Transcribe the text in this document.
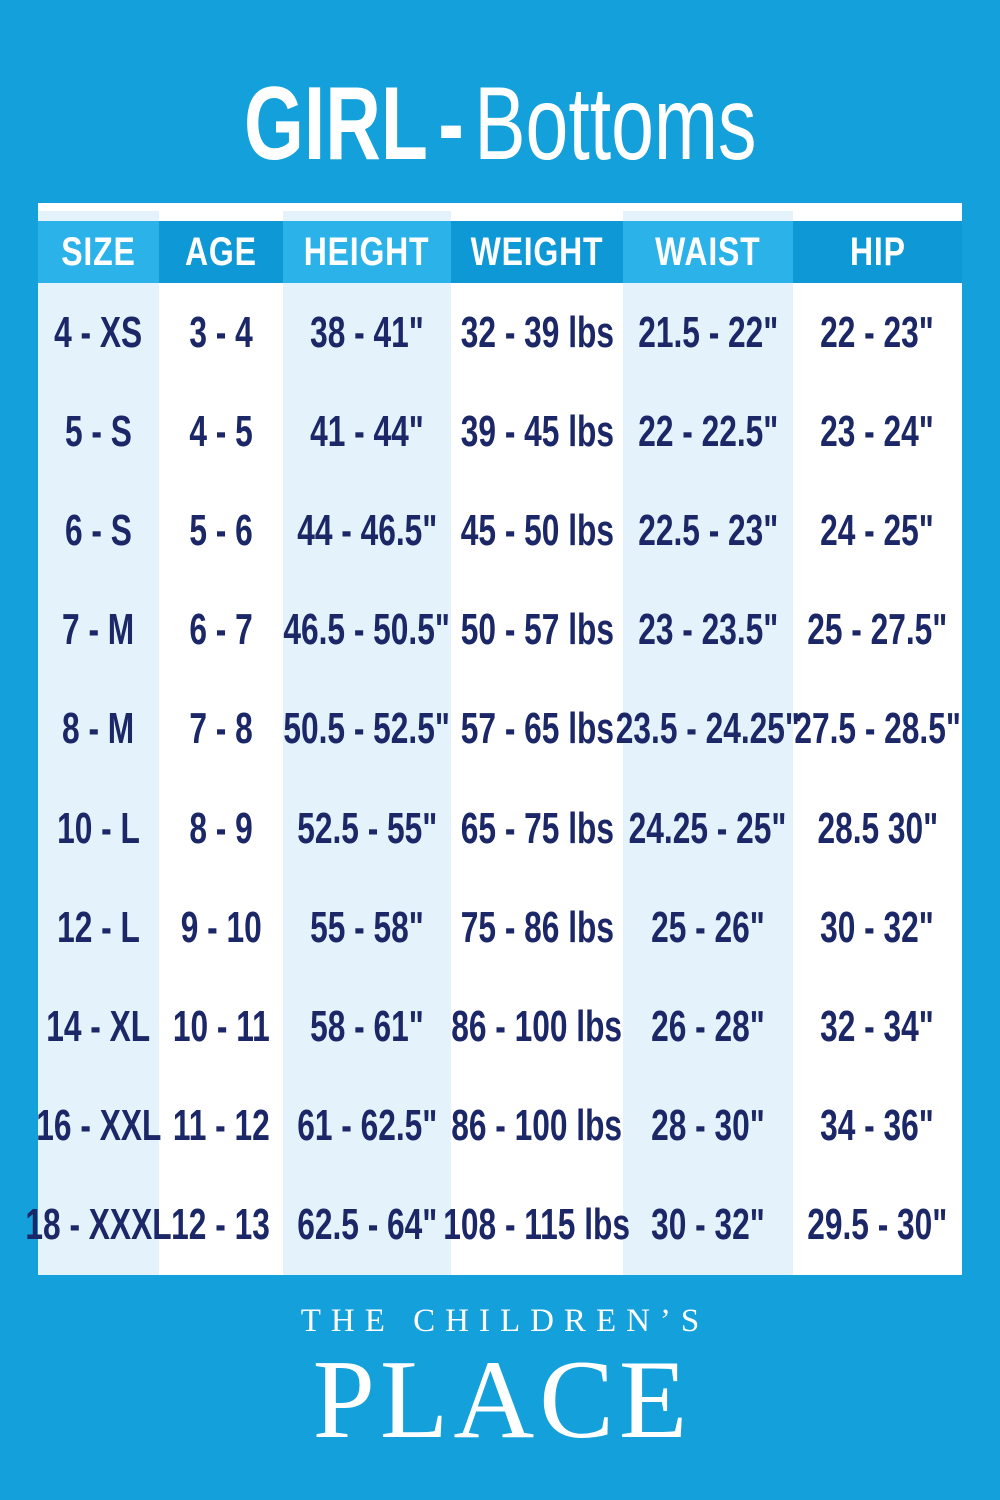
GIRL-Bottoms
SIZE AGE HEIGHT WEIGHT WAIST HIP
4 - XS 3 - 4 38 - 41" 32 - 39 lbs 21.5 - 22" 22 - 23"
5 - S 4 - 5 41 - 44" 39 - 45 lbs 22 - 22.5" 23 - 24"
6 - S 5 - 6 44 - 46.5" 45 - 50 lbs 22.5 - 23" 24 - 25"
7 - M 6 - 7 46.5 - 50.5" 50 - 57 lbs 23 - 23.5" 25 - 27.5"
8 - M 7 - 8 50.5 - 52.5" 57 - 65 lbs 23.5 - 24.25"
27.5 - 28.5"
10 - L 8 - 9 52.5 - 55" 65 - 75 lbs 24.25 - 25" 28.5 30"
12 - L 9 - 10 55 - 58" 75 - 86 lbs 25 - 26" 30 - 32"
14 - XL 10 - 11 58 - 61" 86 - 100 lbs 26 - 28" 32 - 34"
16 - XXL 11 - 12 61 - 62.5" 86 - 100 lbs 28 - 30" 34 - 36"
18 - XXXL 12 - 13 62.5 - 64" 108 - 115 lbs 30 - 32" 29.5 - 30"
THE CHILDREN’S
PLACE
